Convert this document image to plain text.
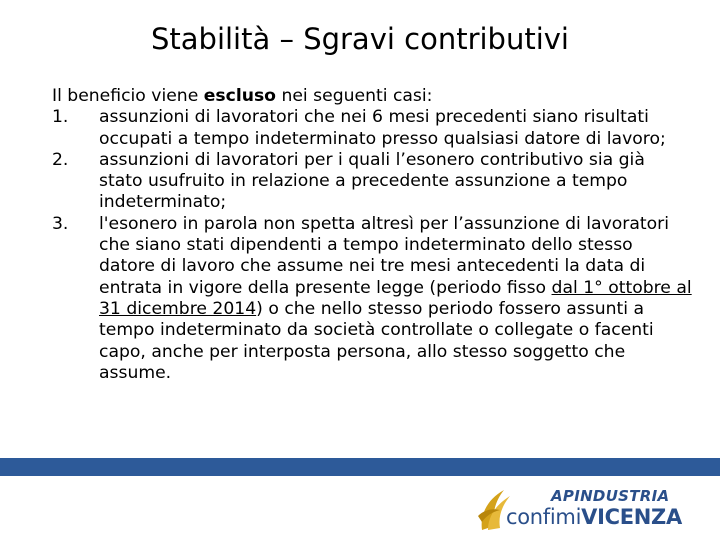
Stabilità – Sgravi contributivi

Il beneficio viene escluso nei seguenti casi:

1. assunzioni di lavoratori che nei 6 mesi precedenti siano risultati occupati a tempo indeterminato presso qualsiasi datore di lavoro;
2. assunzioni di lavoratori per i quali l’esonero contributivo sia già stato usufruito in relazione a precedente assunzione a tempo indeterminato;
3. l'esonero in parola non spetta altresì per l’assunzione di lavoratori che siano stati dipendenti a tempo indeterminato dello stesso datore di lavoro che assume nei tre mesi antecedenti la data di entrata in vigore della presente legge (periodo fisso dal 1° ottobre al 31 dicembre 2014) o che nello stesso periodo fossero assunti a tempo indeterminato da società controllate o collegate o facenti capo, anche per interposta persona, allo stesso soggetto che assume.
APINDUSTRIA
confimiVICENZA
